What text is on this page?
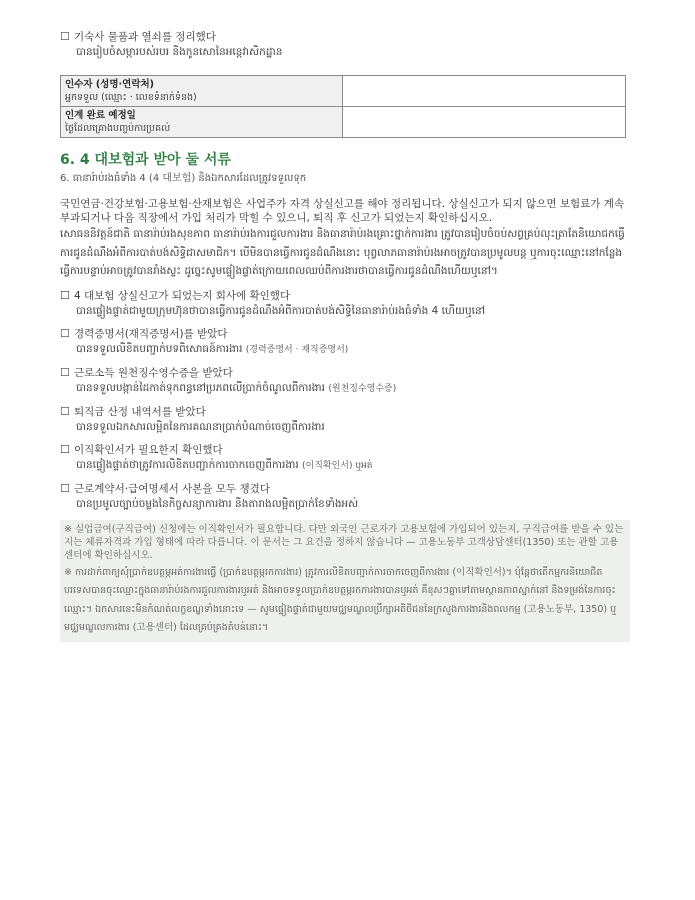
☐ 기숙사 물품과 열쇠를 정리했다
បានរៀបចំសម្ភារបស់របរ និងកូនសោនៃអន្តេវាសិកដ្ឋាន
인수자 (성명·연락처)
អ្នកទទួល (ឈ្មោះ · លេខទំនាក់ទំនង)	

인계 완료 예정일
ថ្ងៃដែលគ្រោងបញ្ចប់ការប្រគល់	

6. 4 대보험과 받아 둘 서류
6. ធានារ៉ាប់រងធំទាំង 4 (4 대보험) និងឯកសារដែលត្រូវទទួលទុក
국민연금·건강보험·고용보험·산재보험은 사업주가 자격 상실신고를 해야 정리됩니다. 상실신고가 되지 않으면 보험료가 계속 부과되거나 다음 직장에서 가입 처리가 막힐 수 있으니, 퇴직 후 신고가 되었는지 확인하십시오.
សោធននិវត្តន៍ជាតិ ធានារ៉ាប់រងសុខភាព ធានារ៉ាប់រងការជួលការងារ និងធានារ៉ាប់រងគ្រោះថ្នាក់ការងារ ត្រូវបានរៀបចំចប់សព្វគ្រប់លុះត្រាតែនិយោជកធ្វើការជូនដំណឹងអំពីការបាត់បង់សិទ្ធិជាសមាជិក។ បើមិនបានធ្វើការជូនដំណឹងនោះ បុព្វលាភធានារ៉ាប់រងអាចត្រូវបានប្រមូលបន្ត ឬការចុះឈ្មោះនៅកន្លែងធ្វើការបន្ទាប់អាចត្រូវបានរាំងស្ទះ ដូច្នេះសូមផ្ទៀងផ្ទាត់ក្រោយពេលឈប់ពីការងារថាបានធ្វើការជូនដំណឹងហើយឬនៅ។
☐ 4 대보험 상실신고가 되었는지 회사에 확인했다
បានផ្ទៀងផ្ទាត់ជាមួយក្រុមហ៊ុនថាបានធ្វើការជូនដំណឹងអំពីការបាត់បង់សិទ្ធិនៃធានារ៉ាប់រងធំទាំង 4 ហើយឬនៅ
☐ 경력증명서(재직증명서)를 받았다
បានទទួលលិខិតបញ្ជាក់បទពិសោធន៍ការងារ (경력증명서 · 재직증명서)
☐ 근로소득 원천징수영수증을 받았다
បានទទួលបង្កាន់ដៃកាត់ទុកពន្ធនៅប្រភពលើប្រាក់ចំណូលពីការងារ (원천징수영수증)
☐ 퇴직금 산정 내역서를 받았다
បានទទួលឯកសារលម្អិតនៃការគណនាប្រាក់បំណាច់ចេញពីការងារ
☐ 이직확인서가 필요한지 확인했다
បានផ្ទៀងផ្ទាត់ថាត្រូវការលិខិតបញ្ជាក់ការចាកចេញពីការងារ (이직확인서) ឬអត់
☐ 근로계약서·급여명세서 사본을 모두 챙겼다
បានប្រមូលច្បាប់ចម្លងនៃកិច្ចសន្យាការងារ និងតារាងលម្អិតប្រាក់ខែទាំងអស់
※ 실업급여(구직급여) 신청에는 이직확인서가 필요합니다. 다만 외국인 근로자가 고용보험에 가입되어 있는지, 구직급여를 받을 수 있는지는 체류자격과 가입 형태에 따라 다릅니다. 이 문서는 그 요건을 정하지 않습니다 — 고용노동부 고객상담센터(1350) 또는 관할 고용센터에 확인하십시오.
※ ការដាក់ពាក្យសុំប្រាក់ឧបត្ថម្ភអត់ការងារធ្វើ (ប្រាក់ឧបត្ថម្ភរកការងារ) ត្រូវការលិខិតបញ្ជាក់ការចាកចេញពីការងារ (이직확인서)។ ប៉ុន្តែថាតើកម្មករនិយោជិតបរទេសបានចុះឈ្មោះក្នុងធានារ៉ាប់រងការជួលការងារឬអត់ និងអាចទទួលប្រាក់ឧបត្ថម្ភរកការងារបានឬអត់ គឺខុសៗគ្នាទៅតាមស្ថានភាពស្នាក់នៅ និងទម្រង់នៃការចុះឈ្មោះ។ ឯកសារនេះមិនកំណត់លក្ខខណ្ឌទាំងនោះទេ — សូមផ្ទៀងផ្ទាត់ជាមួយមជ្ឈមណ្ឌលប្រឹក្សាអតិថិជននៃក្រសួងការងារនិងពលកម្ម (고용노동부, 1350) ឬមជ្ឈមណ្ឌលការងារ (고용센터) ដែលគ្រប់គ្រងតំបន់នោះ។
